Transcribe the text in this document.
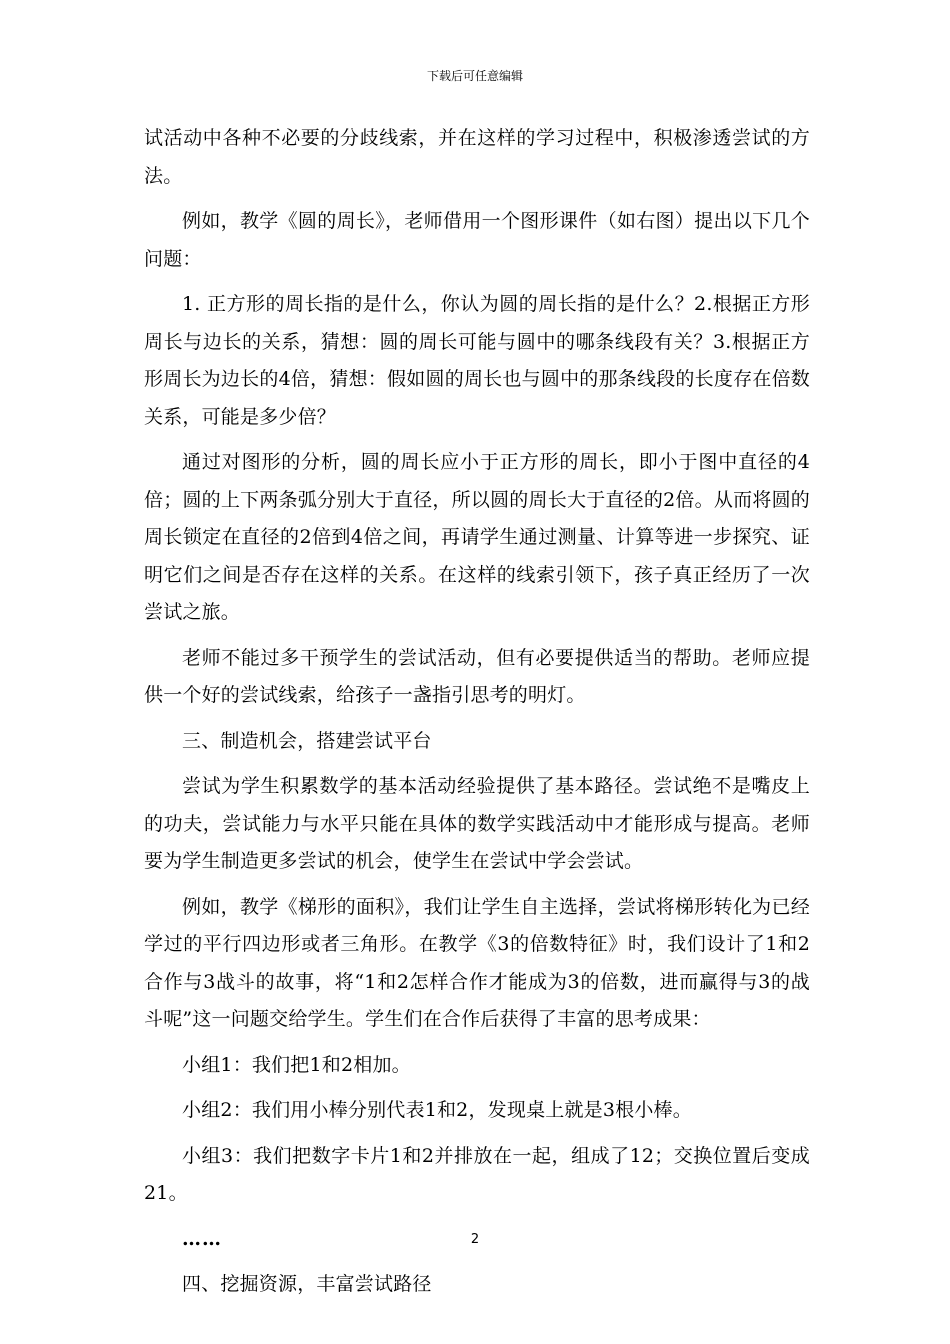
下载后可任意编辑

试活动中各种不必要的分歧线索，并在这样的学习过程中，积极渗透尝试的方法。

例如，教学《圆的周长》，老师借用一个图形课件（如右图）提出以下几个问题：

1. 正方形的周长指的是什么，你认为圆的周长指的是什么？2.根据正方形周长与边长的关系，猜想：圆的周长可能与圆中的哪条线段有关？3.根据正方形周长为边长的4倍，猜想：假如圆的周长也与圆中的那条线段的长度存在倍数关系，可能是多少倍？

通过对图形的分析，圆的周长应小于正方形的周长，即小于图中直径的4倍；圆的上下两条弧分别大于直径，所以圆的周长大于直径的2倍。从而将圆的周长锁定在直径的2倍到4倍之间，再请学生通过测量、计算等进一步探究、证明它们之间是否存在这样的关系。在这样的线索引领下，孩子真正经历了一次尝试之旅。

老师不能过多干预学生的尝试活动，但有必要提供适当的帮助。老师应提供一个好的尝试线索，给孩子一盏指引思考的明灯。

三、制造机会，搭建尝试平台

尝试为学生积累数学的基本活动经验提供了基本路径。尝试绝不是嘴皮上的功夫，尝试能力与水平只能在具体的数学实践活动中才能形成与提高。老师要为学生制造更多尝试的机会，使学生在尝试中学会尝试。

例如，教学《梯形的面积》，我们让学生自主选择，尝试将梯形转化为已经学过的平行四边形或者三角形。在教学《3的倍数特征》时，我们设计了1和2合作与3战斗的故事，将“1和2怎样合作才能成为3的倍数，进而赢得与3的战斗呢”这一问题交给学生。学生们在合作后获得了丰富的思考成果：

小组1：我们把1和2相加。

小组2：我们用小棒分别代表1和2，发现桌上就是3根小棒。

小组3：我们把数字卡片1和2并排放在一起，组成了12；交换位置后变成21。

……

四、挖掘资源，丰富尝试路径

2
